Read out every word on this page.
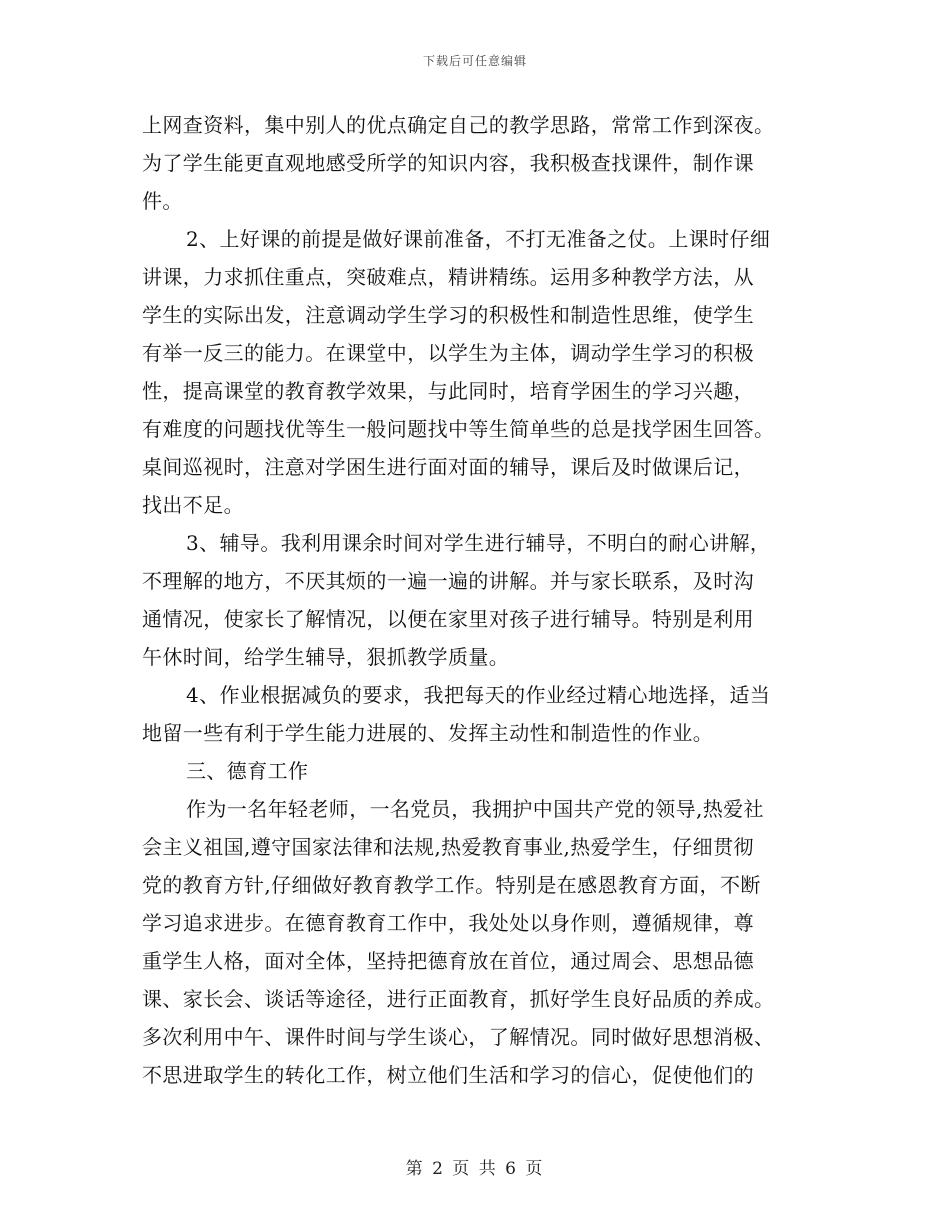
下载后可任意编辑
上网查资料，集中别人的优点确定自己的教学思路，常常工作到深夜。
为了学生能更直观地感受所学的知识内容，我积极查找课件，制作课
件。
2、上好课的前提是做好课前准备，不打无准备之仗。上课时仔细
讲课，力求抓住重点，突破难点，精讲精练。运用多种教学方法，从
学生的实际出发，注意调动学生学习的积极性和制造性思维，使学生
有举一反三的能力。在课堂中，以学生为主体，调动学生学习的积极
性，提高课堂的教育教学效果，与此同时，培育学困生的学习兴趣，
有难度的问题找优等生一般问题找中等生简单些的总是找学困生回答。
桌间巡视时，注意对学困生进行面对面的辅导，课后及时做课后记，
找出不足。
3、辅导。我利用课余时间对学生进行辅导，不明白的耐心讲解，
不理解的地方，不厌其烦的一遍一遍的讲解。并与家长联系，及时沟
通情况，使家长了解情况，以便在家里对孩子进行辅导。特别是利用
午休时间，给学生辅导，狠抓教学质量。
4、作业根据减负的要求，我把每天的作业经过精心地选择，适当
地留一些有利于学生能力进展的、发挥主动性和制造性的作业。
三、德育工作
作为一名年轻老师，一名党员，我拥护中国共产党的领导,热爱社
会主义祖国,遵守国家法律和法规,热爱教育事业,热爱学生，仔细贯彻
党的教育方针,仔细做好教育教学工作。特别是在感恩教育方面，不断
学习追求进步。在德育教育工作中，我处处以身作则，遵循规律，尊
重学生人格，面对全体，坚持把德育放在首位，通过周会、思想品德
课、家长会、谈话等途径，进行正面教育，抓好学生良好品质的养成。
多次利用中午、课件时间与学生谈心，了解情况。同时做好思想消极、
不思进取学生的转化工作，树立他们生活和学习的信心，促使他们的
第 2 页 共 6 页
